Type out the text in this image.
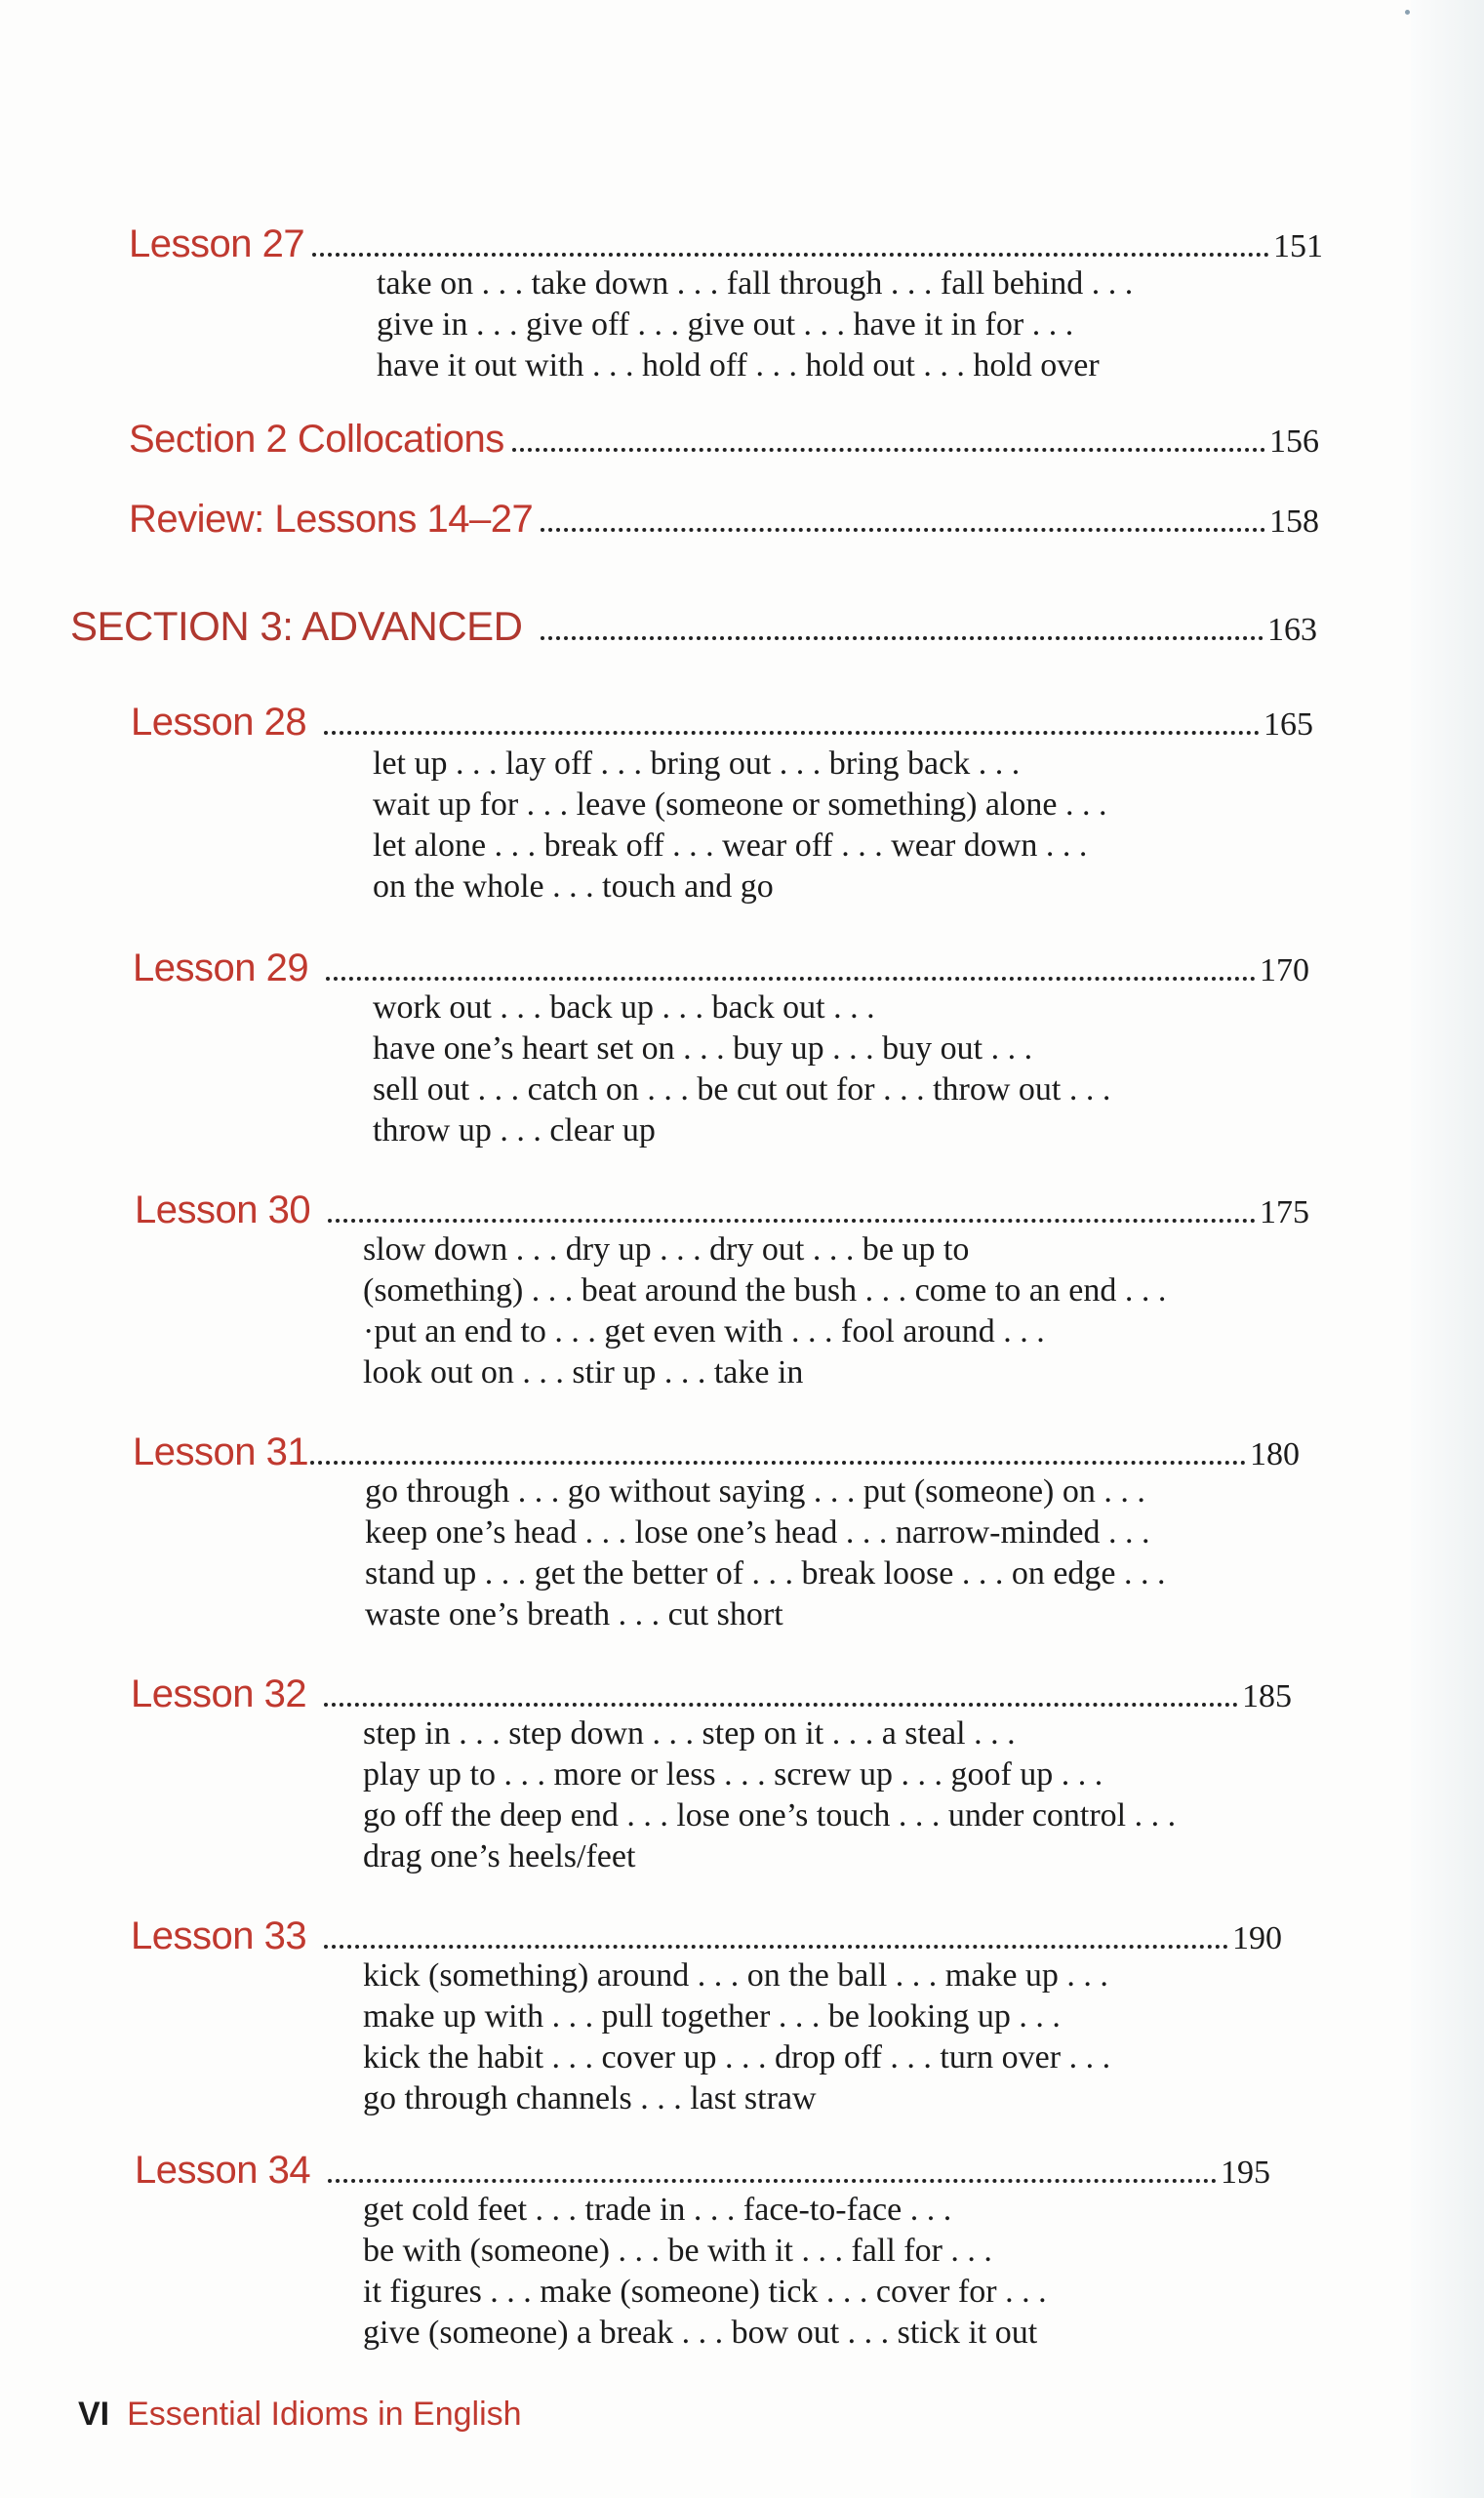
Lesson 27	151
take on . . . take down . . . fall through . . . fall behind . . .
give in . . . give off . . . give out . . . have it in for . . .
have it out with . . . hold off . . . hold out . . . hold over
Section 2 Collocations	156
Review: Lessons 14–27	158
SECTION 3: ADVANCED	163
Lesson 28	165
let up . . . lay off . . . bring out . . . bring back . . .
wait up for . . . leave (someone or something) alone . . .
let alone . . . break off . . . wear off . . . wear down . . .
on the whole . . . touch and go
Lesson 29	170
work out . . . back up . . . back out . . .
have one’s heart set on . . . buy up . . . buy out . . .
sell out . . . catch on . . . be cut out for . . . throw out . . .
throw up . . . clear up
Lesson 30	175
slow down . . . dry up . . . dry out . . . be up to
(something) . . . beat around the bush . . . come to an end . . .
·put an end to . . . get even with . . . fool around . . .
look out on . . . stir up . . . take in
Lesson 31	180
go through . . . go without saying . . . put (someone) on . . .
keep one’s head . . . lose one’s head . . . narrow-minded . . .
stand up . . . get the better of . . . break loose . . . on edge . . .
waste one’s breath . . . cut short
Lesson 32	185
step in . . . step down . . . step on it . . . a steal . . .
play up to . . . more or less . . . screw up . . . goof up . . .
go off the deep end . . . lose one’s touch . . . under control . . .
drag one’s heels/feet
Lesson 33	190
kick (something) around . . . on the ball . . . make up . . .
make up with . . . pull together . . . be looking up . . .
kick the habit . . . cover up . . . drop off . . . turn over . . .
go through channels . . . last straw
Lesson 34	195
get cold feet . . . trade in . . . face-to-face . . .
be with (someone) . . . be with it . . . fall for . . .
it figures . . . make (someone) tick . . . cover for . . .
give (someone) a break . . . bow out . . . stick it out
VI Essential Idioms in English
